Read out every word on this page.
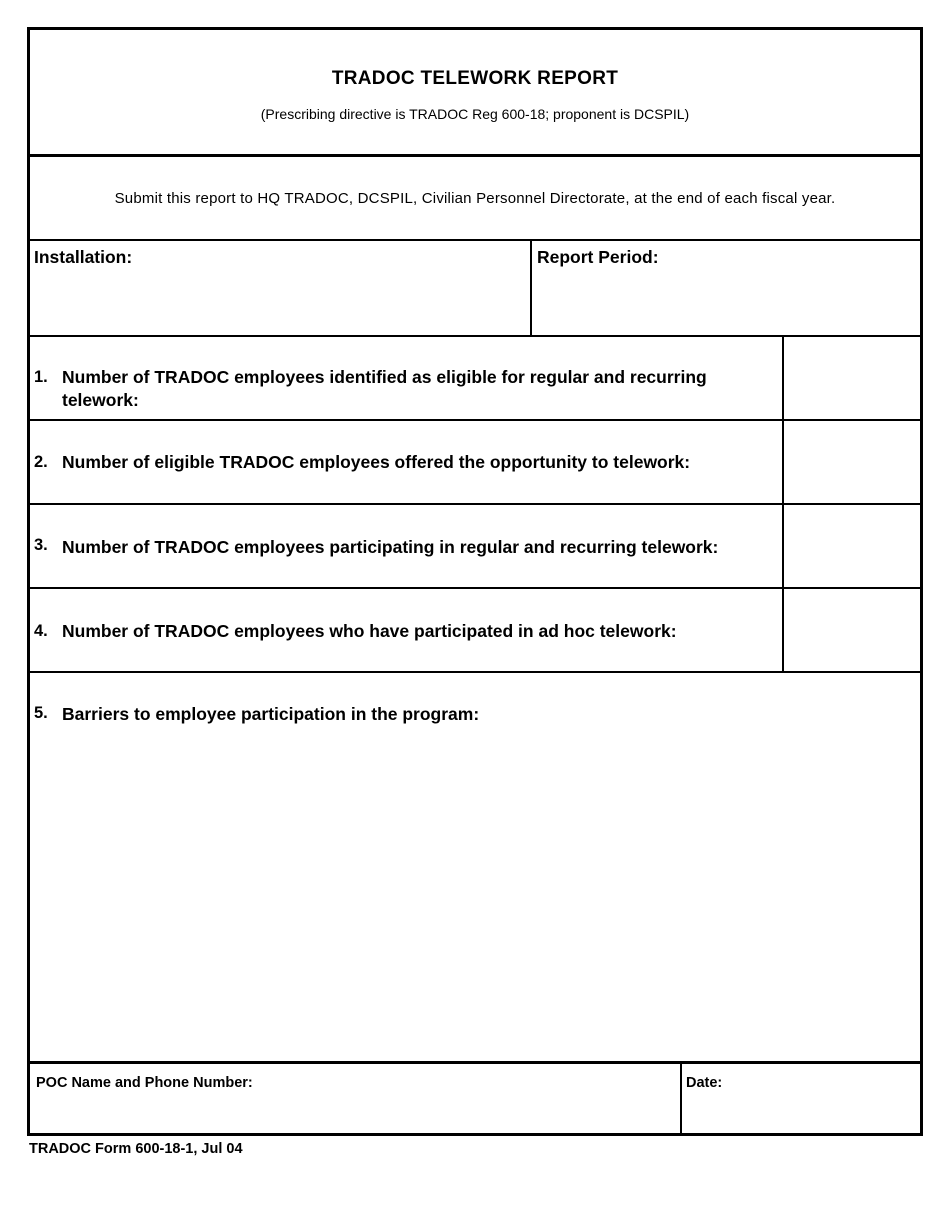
TRADOC TELEWORK REPORT
(Prescribing directive is TRADOC Reg 600-18; proponent is DCSPIL)
Submit this report to HQ TRADOC, DCSPIL, Civilian Personnel Directorate, at the end of each fiscal year.
Installation:	Report Period:
1. Number of TRADOC employees identified as eligible for regular and recurring telework:
2. Number of eligible TRADOC employees offered the opportunity to telework:
3. Number of TRADOC employees participating in regular and recurring telework:
4. Number of TRADOC employees who have participated in ad hoc telework:
5. Barriers to employee participation in the program:
POC Name and Phone Number:	Date:
TRADOC Form 600-18-1, Jul 04
